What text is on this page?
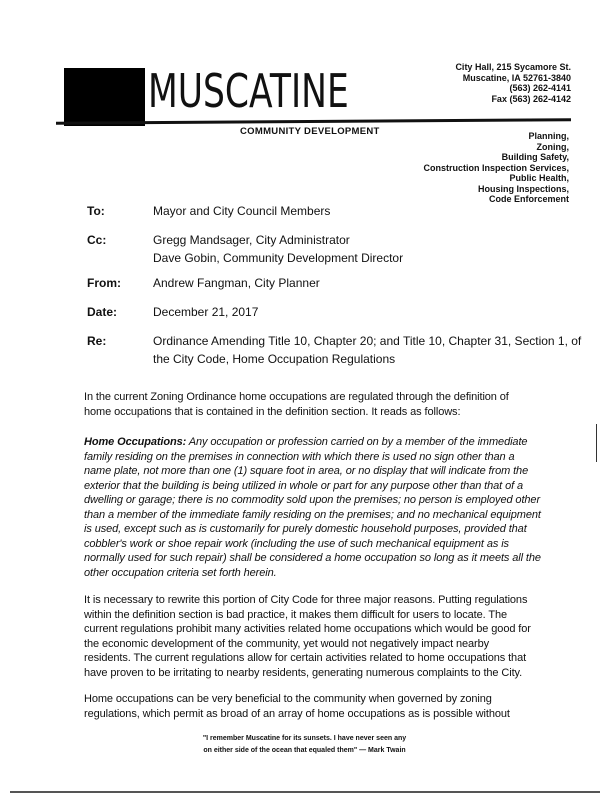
MUSCATINE
COMMUNITY DEVELOPMENT
City Hall, 215 Sycamore St.
Muscatine, IA 52761-3840
(563) 262-4141
Fax (563) 262-4142
Planning,
Zoning,
Building Safety,
Construction Inspection Services,
Public Health,
Housing Inspections,
Code Enforcement
To:	Mayor and City Council Members
Cc:	Gregg Mandsager, City Administrator
Dave Gobin, Community Development Director
From:	Andrew Fangman, City Planner
Date:	December 21, 2017
Re:	Ordinance Amending Title 10, Chapter 20; and Title 10, Chapter 31, Section 1, of
the City Code, Home Occupation Regulations
In the current Zoning Ordinance home occupations are regulated through the definition of
home occupations that is contained in the definition section. It reads as follows:
Home Occupations: Any occupation or profession carried on by a member of the immediate
family residing on the premises in connection with which there is used no sign other than a
name plate, not more than one (1) square foot in area, or no display that will indicate from the
exterior that the building is being utilized in whole or part for any purpose other than that of a
dwelling or garage; there is no commodity sold upon the premises; no person is employed other
than a member of the immediate family residing on the premises; and no mechanical equipment
is used, except such as is customarily for purely domestic household purposes, provided that
cobbler's work or shoe repair work (including the use of such mechanical equipment as is
normally used for such repair) shall be considered a home occupation so long as it meets all the
other occupation criteria set forth herein.
It is necessary to rewrite this portion of City Code for three major reasons. Putting regulations
within the definition section is bad practice, it makes them difficult for users to locate. The
current regulations prohibit many activities related home occupations which would be good for
the economic development of the community, yet would not negatively impact nearby
residents. The current regulations allow for certain activities related to home occupations that
have proven to be irritating to nearby residents, generating numerous complaints to the City.
Home occupations can be very beneficial to the community when governed by zoning
regulations, which permit as broad of an array of home occupations as is possible without
"I remember Muscatine for its sunsets. I have never seen any
on either side of the ocean that equaled them" — Mark Twain
